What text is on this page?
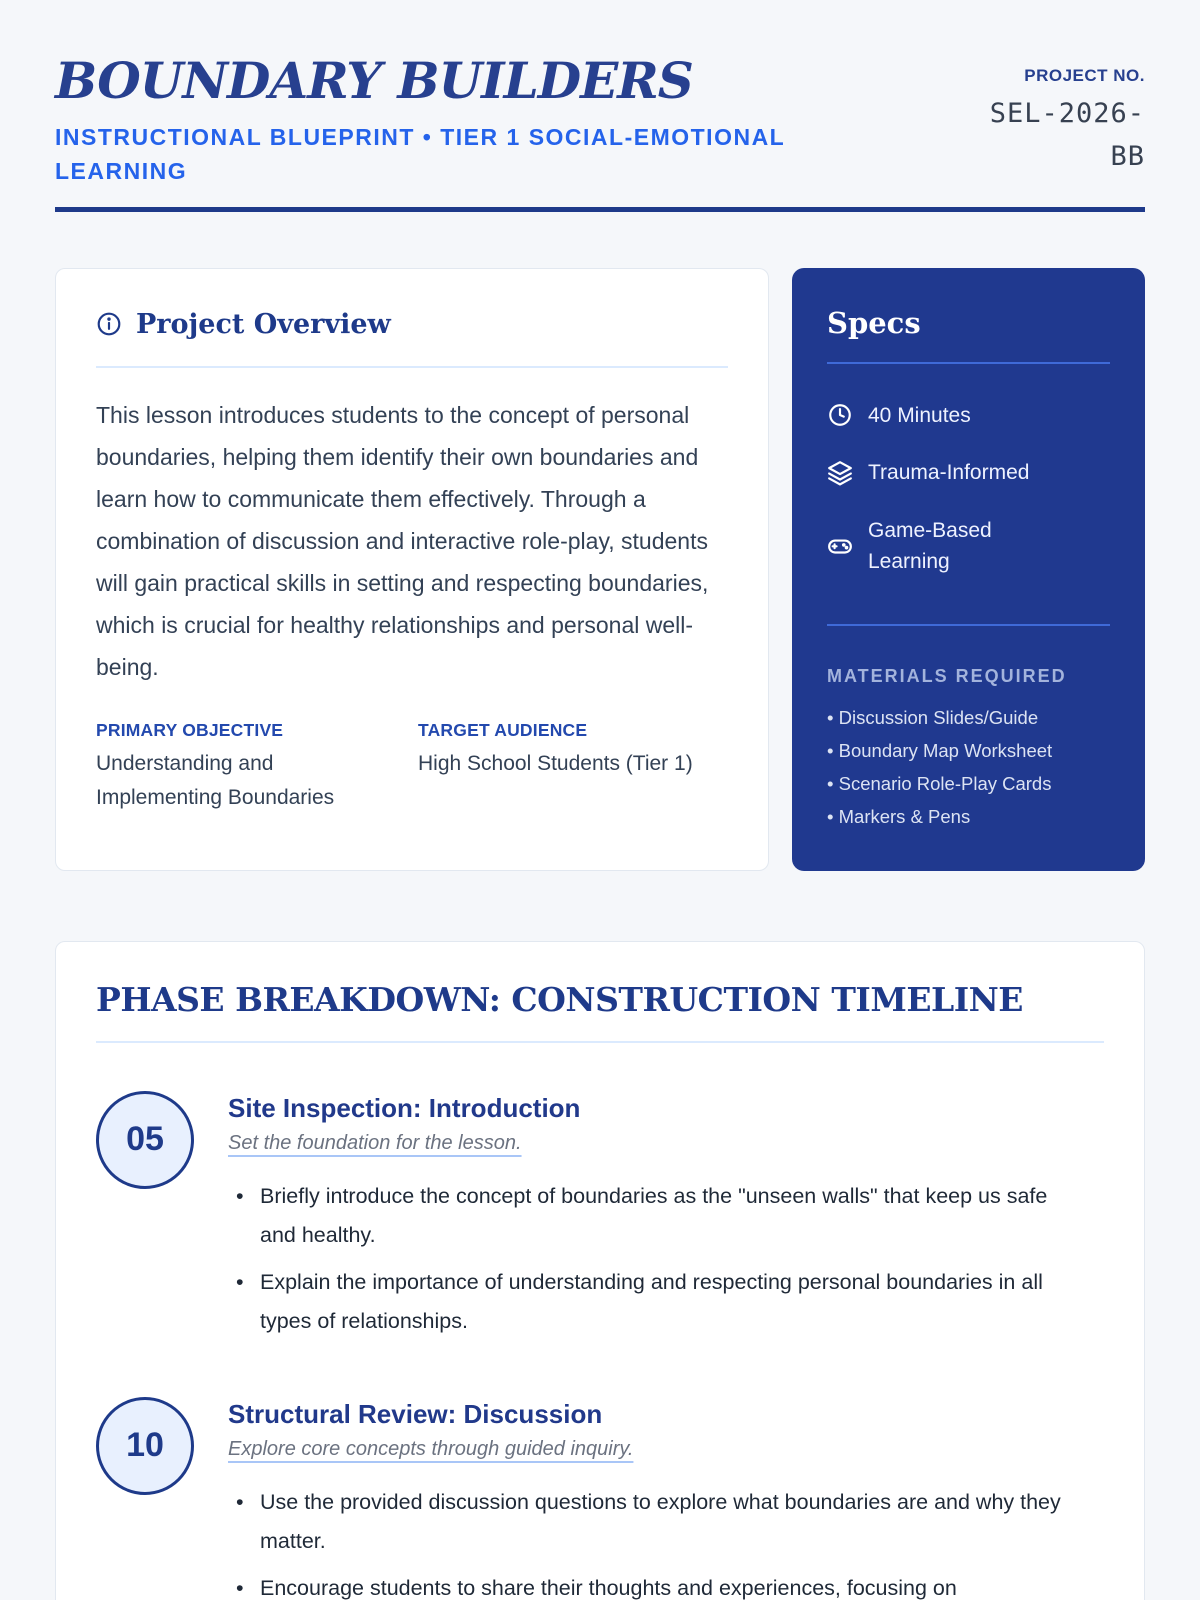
BOUNDARY BUILDERS
INSTRUCTIONAL BLUEPRINT • TIER 1 SOCIAL-EMOTIONAL LEARNING
PROJECT NO.
SEL-2026-BB
Project Overview

This lesson introduces students to the concept of personal boundaries, helping them identify their own boundaries and learn how to communicate them effectively. Through a combination of discussion and interactive role-play, students will gain practical skills in setting and respecting boundaries, which is crucial for healthy relationships and personal well-being.

PRIMARY OBJECTIVE
Understanding and Implementing Boundaries
TARGET AUDIENCE
High School Students (Tier 1)
Specs
40 Minutes
Trauma-Informed
Game-Based Learning
MATERIALS REQUIRED
• Discussion Slides/Guide
• Boundary Map Worksheet
• Scenario Role-Play Cards
• Markers & Pens
PHASE BREAKDOWN: CONSTRUCTION TIMELINE
05
Site Inspection: Introduction
Set the foundation for the lesson.
• Briefly introduce the concept of boundaries as the "unseen walls" that keep us safe and healthy.
• Explain the importance of understanding and respecting personal boundaries in all types of relationships.
10
Structural Review: Discussion
Explore core concepts through guided inquiry.
• Use the provided discussion questions to explore what boundaries are and why they matter.
• Encourage students to share their thoughts and experiences, focusing on
